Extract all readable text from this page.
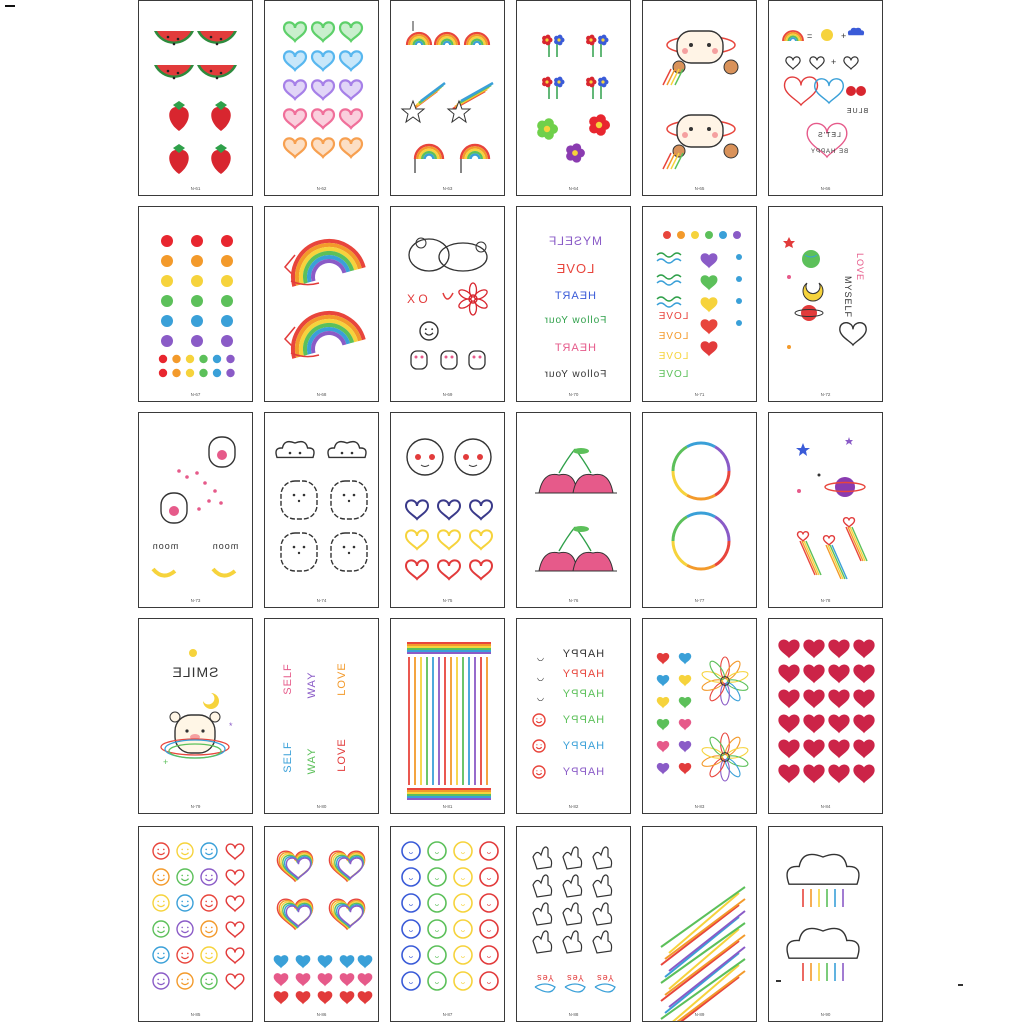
N-61	N-62	N-63	N-64	N-65
=	+
+
BLUE
LET'S
BE HAPPY
N-66
N-67	N-68
X O
N-69
MYSELF
LOVE
HEART
Follow Your
HEART
Follow Your
N-70
LOVE
LOVE
LOVE
LOVE
N-71
LOVE
MYSELF
N-72
moon	moon
N-73	N-74	N-75	N-76	N-77	N-78
+
*
SMILE
N-79
SELF WAY LOVE
SELF WAY LOVE
N-80	N-81
◡ HAPPY
◡ HAPPY
◡ HAPPY
HAPPY
HAPPY
HAPPY
N-82	N-83	N-84
N-85	N-86
ᴗ	ᴗ	ᴗ	ᴗ
ᴗ	ᴗ	ᴗ	ᴗ
ᴗ	ᴗ	ᴗ	ᴗ
ᴗ	ᴗ	ᴗ	ᴗ
ᴗ	ᴗ	ᴗ	ᴗ
ᴗ	ᴗ	ᴗ	ᴗ
N-87
Yes Yes Yes
N-88	N-89	N-90
